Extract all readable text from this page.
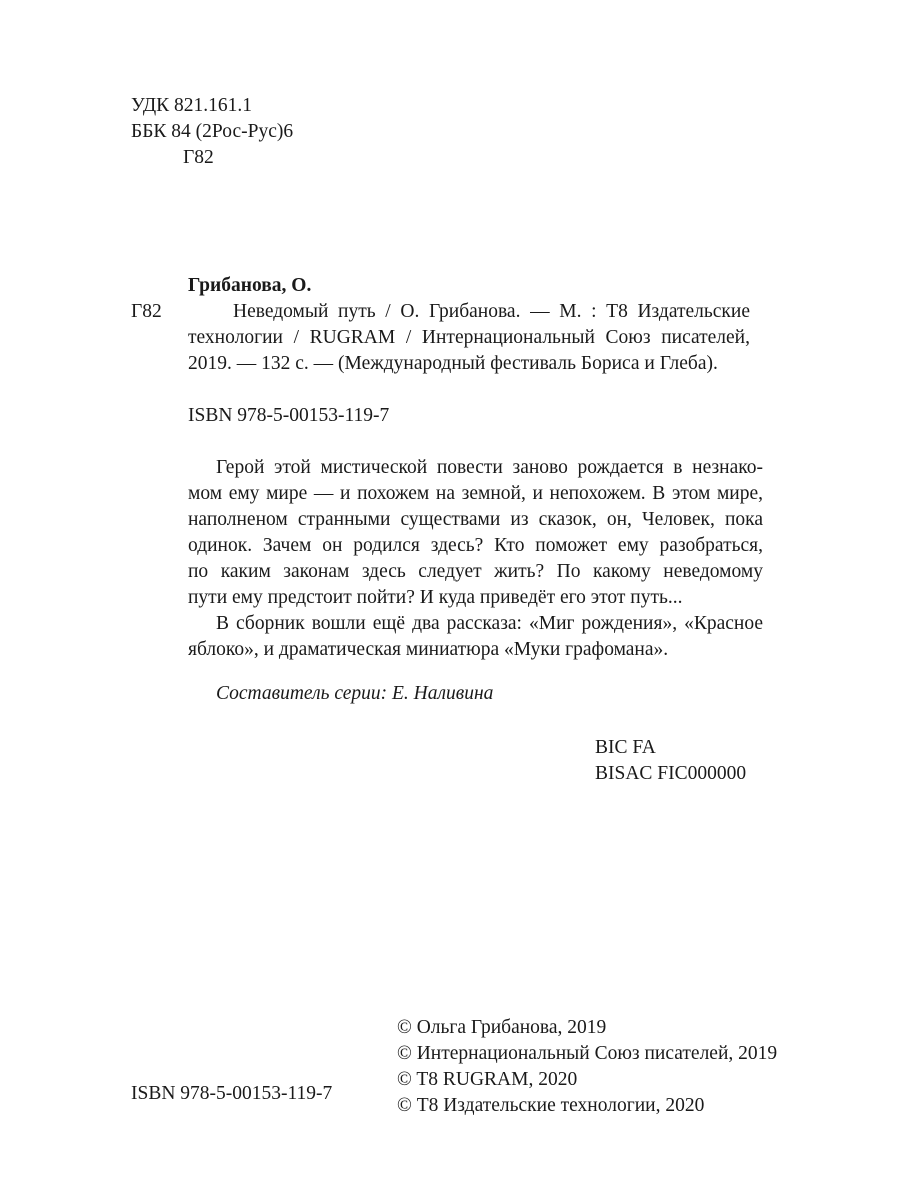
УДК 821.161.1
ББК 84 (2Рос-Рус)6
Г82
Грибанова, О.
Г82	Неведомый путь / О. Грибанова. — М. : Т8 Издательские
технологии / RUGRAM / Интернациональный Союз писателей,
2019. — 132 с. — (Международный фестиваль Бориса и Глеба).
ISBN 978-5-00153-119-7
Герой этой мистической повести заново рождается в незнако-
мом ему мире — и похожем на земной, и непохожем. В этом мире,
наполненом странными существами из сказок, он, Человек, пока
одинок. Зачем он родился здесь? Кто поможет ему разобраться,
по каким законам здесь следует жить? По какому неведомому
пути ему предстоит пойти? И куда приведёт его этот путь...
В сборник вошли ещё два рассказа: «Миг рождения», «Красное
яблоко», и драматическая миниатюра «Муки графомана».
Составитель серии: Е. Наливина
BIC FA
BISAC FIC000000
ISBN 978-5-00153-119-7
© Ольга Грибанова, 2019
© Интернациональный Союз писателей, 2019
© T8 RUGRAM, 2020
© Т8 Издательские технологии, 2020
